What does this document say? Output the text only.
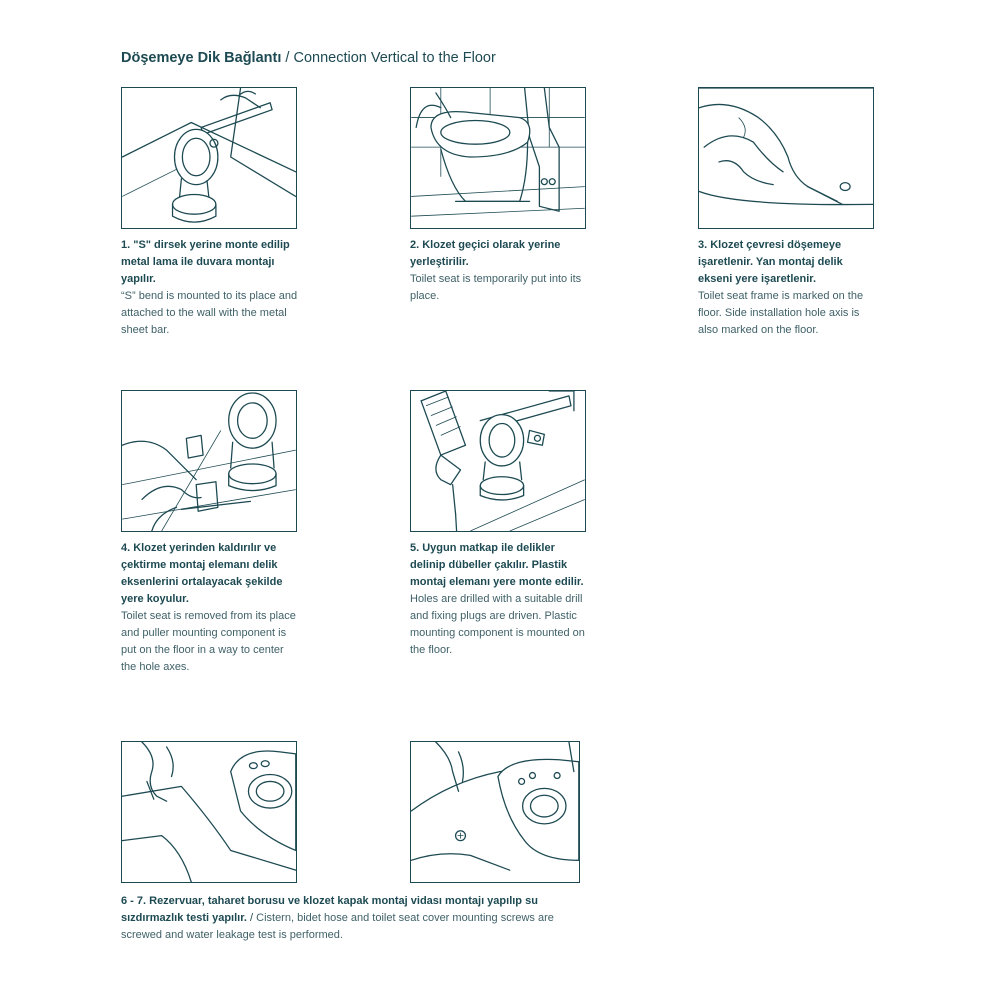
Döşemeye Dik Bağlantı / Connection Vertical to the Floor
1. "S" dirsek yerine monte edilip metal lama ile duvara montajı yapılır.
“S” bend is mounted to its place and attached to the wall with the metal sheet bar.
2. Klozet geçici olarak yerine yerleştirilir.
Toilet seat is temporarily put into its place.
3. Klozet çevresi döşemeye işaretlenir. Yan montaj delik ekseni yere işaretlenir.
Toilet seat frame is marked on the floor. Side installation hole axis is also marked on the floor.
4. Klozet yerinden kaldırılır ve çektirme montaj elemanı delik eksenlerini ortalayacak şekilde yere koyulur.
Toilet seat is removed from its place and puller mounting component is put on the floor in a way to center the hole axes.
5. Uygun matkap ile delikler delinip dübeller çakılır. Plastik montaj elemanı yere monte edilir.
Holes are drilled with a suitable drill and fixing plugs are driven. Plastic mounting component is mounted on the floor.
6 - 7. Rezervuar, taharet borusu ve klozet kapak montaj vidası montajı yapılıp su sızdırmazlık testi yapılır. / Cistern, bidet hose and toilet seat cover mounting screws are screwed and water leakage test is performed.
